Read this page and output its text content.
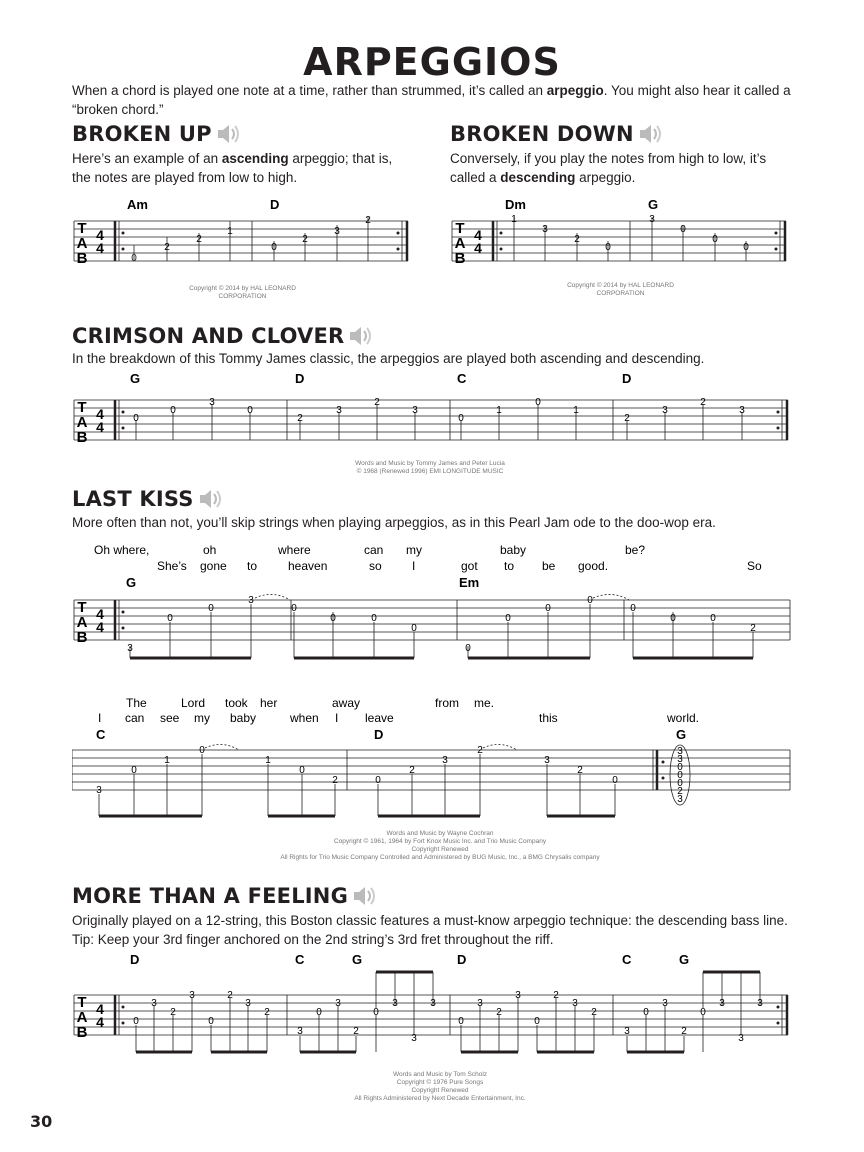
ARPEGGIOS
When a chord is played one note at a time, rather than strummed, it’s called an arpeggio. You might also hear it called a “broken chord.”
BROKEN UP
Here’s an example of an ascending arpeggio; that is, the notes are played from low to high.
Am	D
0
2
2
1
0
2
3
2
T
A
B
4
4
Copyright © 2014 by HAL LEONARD CORPORATION
BROKEN DOWN
Conversely, if you play the notes from high to low, it’s called a descending arpeggio.
Dm	G
1
3
2
0
3
0
0
0
T
A
B
4
4
Copyright © 2014 by HAL LEONARD CORPORATION
CRIMSON AND CLOVER
In the breakdown of this Tommy James classic, the arpeggios are played both ascending and descending.
G	D	C	D
0
0
3
0
2
3
2
3
0
1
0
1
2
3
2
3
T
A
B
4
4
Words and Music by Tommy James and Peter Lucia
© 1968 (Renewed 1996) EMI LONGITUDE MUSIC
LAST KISS
More often than not, you’ll skip strings when playing arpeggios, as in this Pearl Jam ode to the doo-wop era.
Oh where,	oh	where	can my	baby	be?
She’s gone to	heaven	so	I	got to be good.	So
G	Em
3
0
0
3
0
0	0
0
0
0
0
0
0
0	0
2
T
A
B
4
4
The	Lord took her	away	from me.
I can see my baby	when I leave	this	world.
C	D	G
3
0
1
0
1
0
2	0
2
3
2
3
2
0
3
3
0
0
0
2
3
Words and Music by Wayne Cochran
Copyright © 1961, 1964 by Fort Knox Music Inc. and Trio Music Company
Copyright Renewed
All Rights for Trio Music Company Controlled and Administered by BUG Music, Inc., a BMG Chrysalis company
MORE THAN A FEELING
Originally played on a 12-string, this Boston classic features a must-know arpeggio technique: the descending bass line. Tip: Keep your 3rd finger anchored on the 2nd string’s 3rd fret throughout the riff.
D	C	G	D	C	G
0
3
2
3
0
2
3
2
3
0
3
2
0
3
3
3
0
3
2
3
0
2
3
2
3
0
3
2
0
3
3
3
T
A
B
4
4
Words and Music by Tom Scholz
Copyright © 1976 Pure Songs
Copyright Renewed
All Rights Administered by Next Decade Entertainment, Inc.
30
